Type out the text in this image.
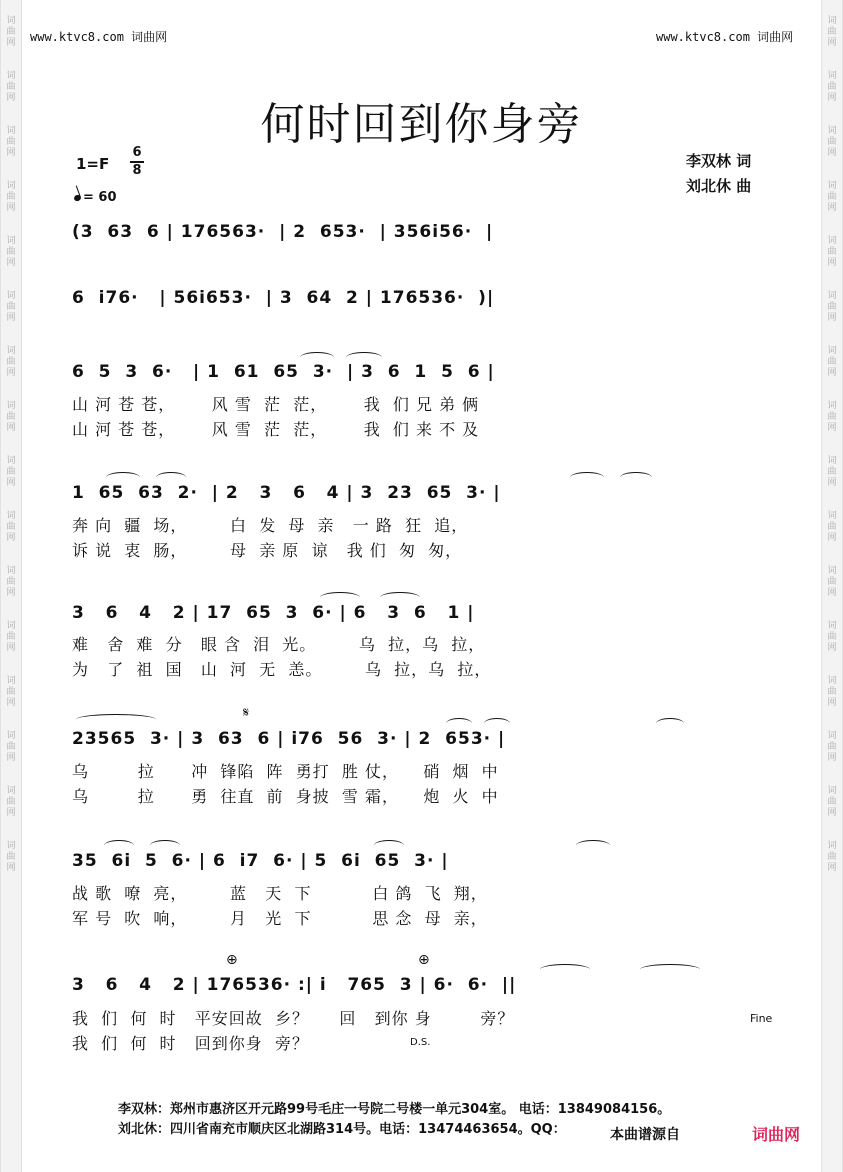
词
曲
网
词
曲
网
词
曲
网
词
曲
网
词
曲
网
词
曲
网
词
曲
网
词
曲
网
词
曲
网
词
曲
网
词
曲
网
词
曲
网
词
曲
网
词
曲
网
词
曲
网
词
曲
网
词
曲
网
词
曲
网
词
曲
网
词
曲
网
词
曲
网
词
曲
网
词
曲
网
词
曲
网
词
曲
网
词
曲
网
词
曲
网
词
曲
网
词
曲
网
词
曲
网
词
曲
网
词
曲
网
www.ktvc8.com 词曲网	www.ktvc8.com 词曲网
何时回到你身旁
1=F
6
8
= 60
李双林 词
刘北休 曲
(3  63  6 | 176563·  | 2  653·  | 356i56·  |
6  i76·   | 56i653·  | 3  64  2 | 176536·  )|
6  5  3  6·   | 1  61  65  3·  | 3  6  1  5  6 |
山 河 苍 苍，      风 雪  茫  茫，      我  们 兄 弟 俩
山 河 苍 苍，      风 雪  茫  茫，      我  们 来 不 及
1  65  63  2·  | 2   3   6   4 | 3  23  65  3· |
奔 向  疆  场，       白  发  母  亲   一 路  狂  追，
诉 说  衷  肠，       母  亲 原  谅   我 们  匆  匆，
3   6   4   2 | 17  65  3  6· | 6   3  6   1 |
难   舍  难  分   眼 含  泪  光。       乌  拉，乌  拉，
为   了  祖  国   山  河  无  恙。       乌  拉，乌  拉，
𝄋
23565  3· | 3  63  6 | i76  56  3· | 2  653· |
乌        拉      冲  锋陷  阵  勇打  胜 仗，    硝  烟  中
乌        拉      勇  往直  前  身披  雪 霜，    炮  火  中
35  6i  5  6· | 6  i7  6· | 5  6i  65  3· |
战 歌  嘹  亮，       蓝   天  下          白 鸽  飞  翔，
军 号  吹  响，       月   光  下          思 念  母  亲，
⊕	⊕
3   6   4   2 | 176536· :| i   765  3 | 6·  6·  ||
我  们  何  时   平安回故  乡？     回   到你 身        旁？
我  们  何  时   回到你身  旁？
Fine
D.S.
李双林：郑州市惠济区开元路99号毛庄一号院二号楼一单元304室。 电话：13849084156。
刘北休：四川省南充市顺庆区北湖路314号。电话：13474463654。QQ：	本曲谱源自	词曲网
